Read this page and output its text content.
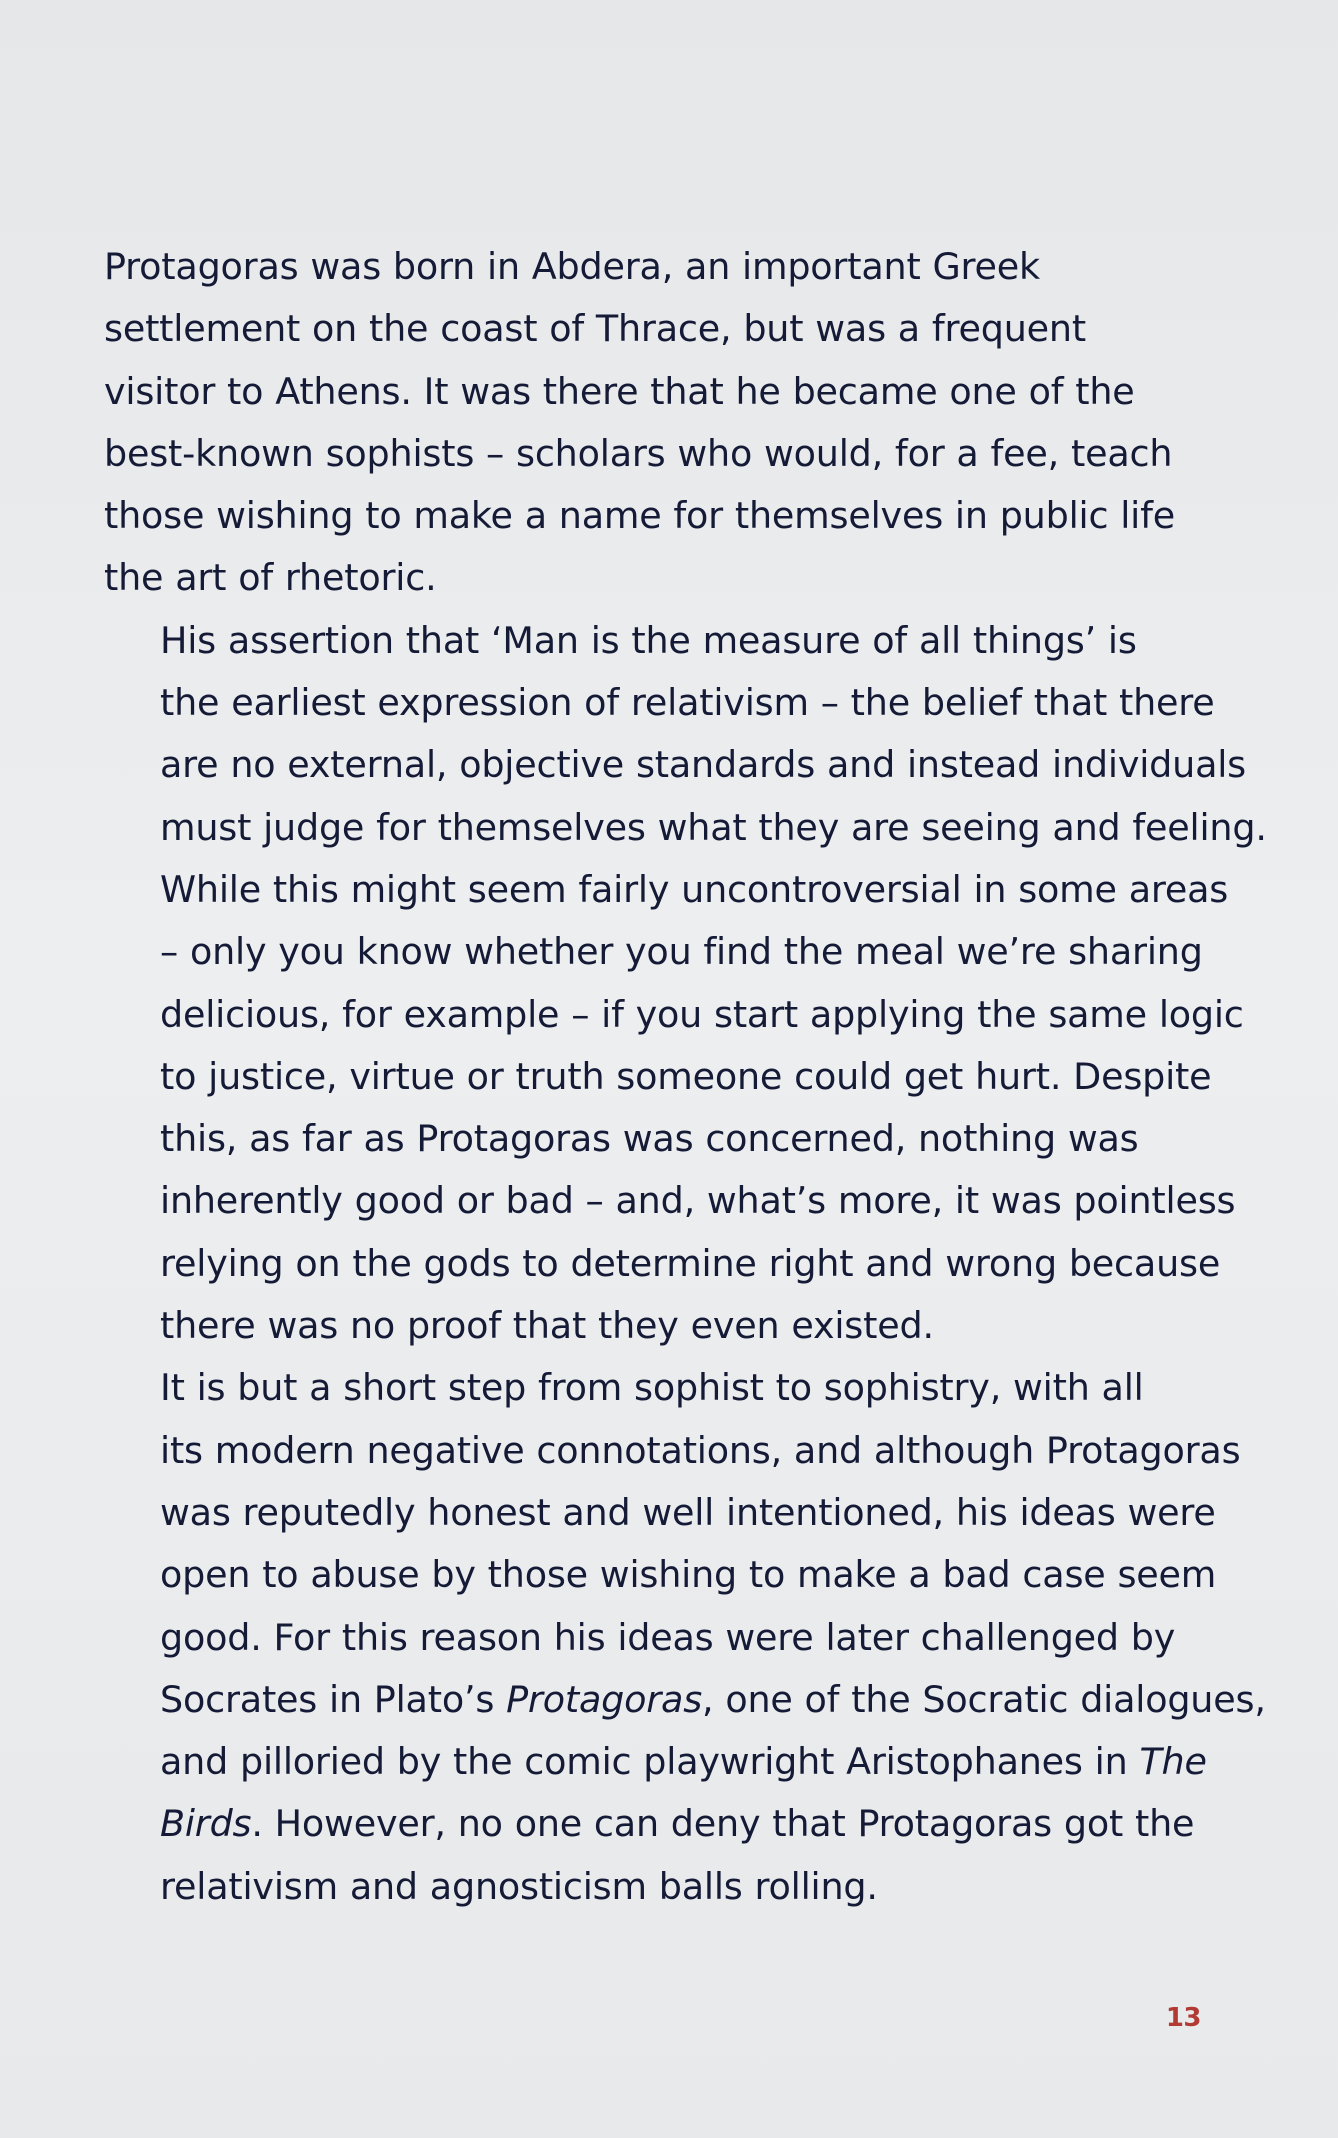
Protagoras was born in Abdera, an important Greek
settlement on the coast of Thrace, but was a frequent
visitor to Athens. It was there that he became one of the
best-known sophists – scholars who would, for a fee, teach
those wishing to make a name for themselves in public life
the art of rhetoric.

His assertion that ‘Man is the measure of all things’ is
the earliest expression of relativism – the belief that there
are no external, objective standards and instead individuals
must judge for themselves what they are seeing and feeling.
While this might seem fairly uncontroversial in some areas
– only you know whether you find the meal we’re sharing
delicious, for example – if you start applying the same logic
to justice, virtue or truth someone could get hurt. Despite
this, as far as Protagoras was concerned, nothing was
inherently good or bad – and, what’s more, it was pointless
relying on the gods to determine right and wrong because
there was no proof that they even existed.

It is but a short step from sophist to sophistry, with all
its modern negative connotations, and although Protagoras
was reputedly honest and well intentioned, his ideas were
open to abuse by those wishing to make a bad case seem
good. For this reason his ideas were later challenged by
Socrates in Plato’s Protagoras, one of the Socratic dialogues,
and pilloried by the comic playwright Aristophanes in The
Birds. However, no one can deny that Protagoras got the
relativism and agnosticism balls rolling.

13
